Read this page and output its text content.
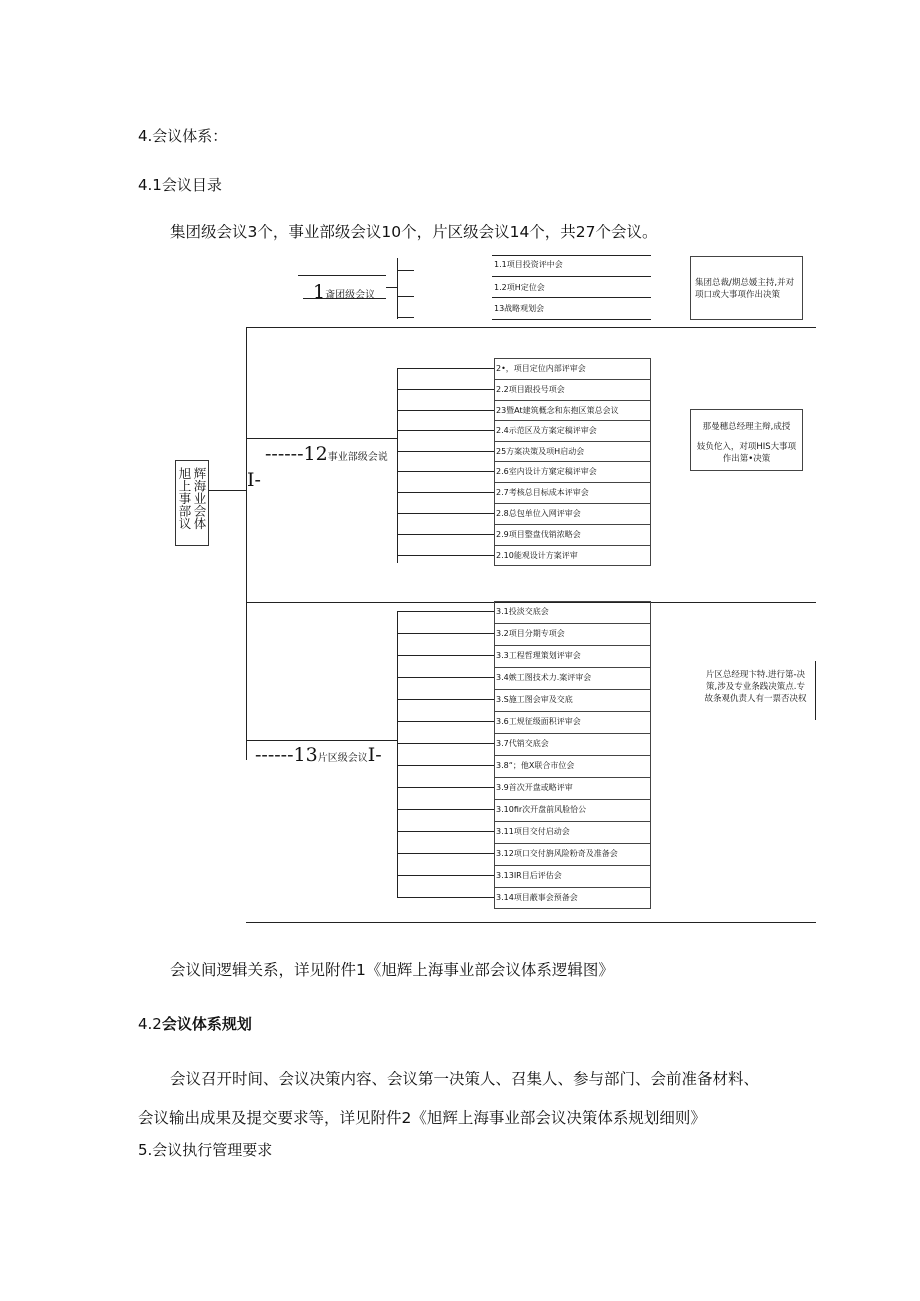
4.会议体系：
4.1会议目录
集团级会议3个，事业部级会议10个，片区级会议14个，共27个会议。
辉海业会体
旭上事部议
1斎团级会议
------12事业部级会说
I-
------13片区级会议I-
1.1项目投资评中会
1.2项H定位会
13战略观划会
2•，项目定位内部评审会
2.2项目跟投号项会
23暨At建筑概念和东抱区策总会议
2.4示范区及方案定稿评审会
25方案决策及项H启动会
2.6室内设计方窠定稿评审会
2.7考核总目标成本评审会
2.8总包单位入网评审会
2.9项目整盘伐销浓略会
2.10能观设计方案评审
3.1投淡交底会
3.2项目分期专项会
3.3工程哲理策划评审会
3.4嫉工图技术力.案评审会
3.S施工图会审及交底
3.6工规征级面积评审会
3.7代销交底会
3.8“；他X联合市位会
3.9首次开盘或略评审
3.10fir次开盘前风脸恰公
3.11项目交付启动会
3.12项口交付旃风险粉奇及准备会
3.13IR目后评估会
3.14项目蔽事会预备会
集团总裁/期总媛主持,并对项口或大事项作出决策
那曼穗总经理主辩,成授
妓负佗入，对项HIS大事项作出第•决策
片区总经现卞特.进行第-决策,涉及专业条践决策点.专故条观仇责人有一票否决权
会议间逻辑关系，详见附件1《旭辉上海事业部会议体系逻辑图》
4.2会议体系规划
会议召开时间、会议决策内容、会议第一决策人、召集人、参与部门、会前准备材料、
会议输出成果及提交要求等，详见附件2《旭辉上海事业部会议决策体系规划细则》
5.会议执行管理要求
